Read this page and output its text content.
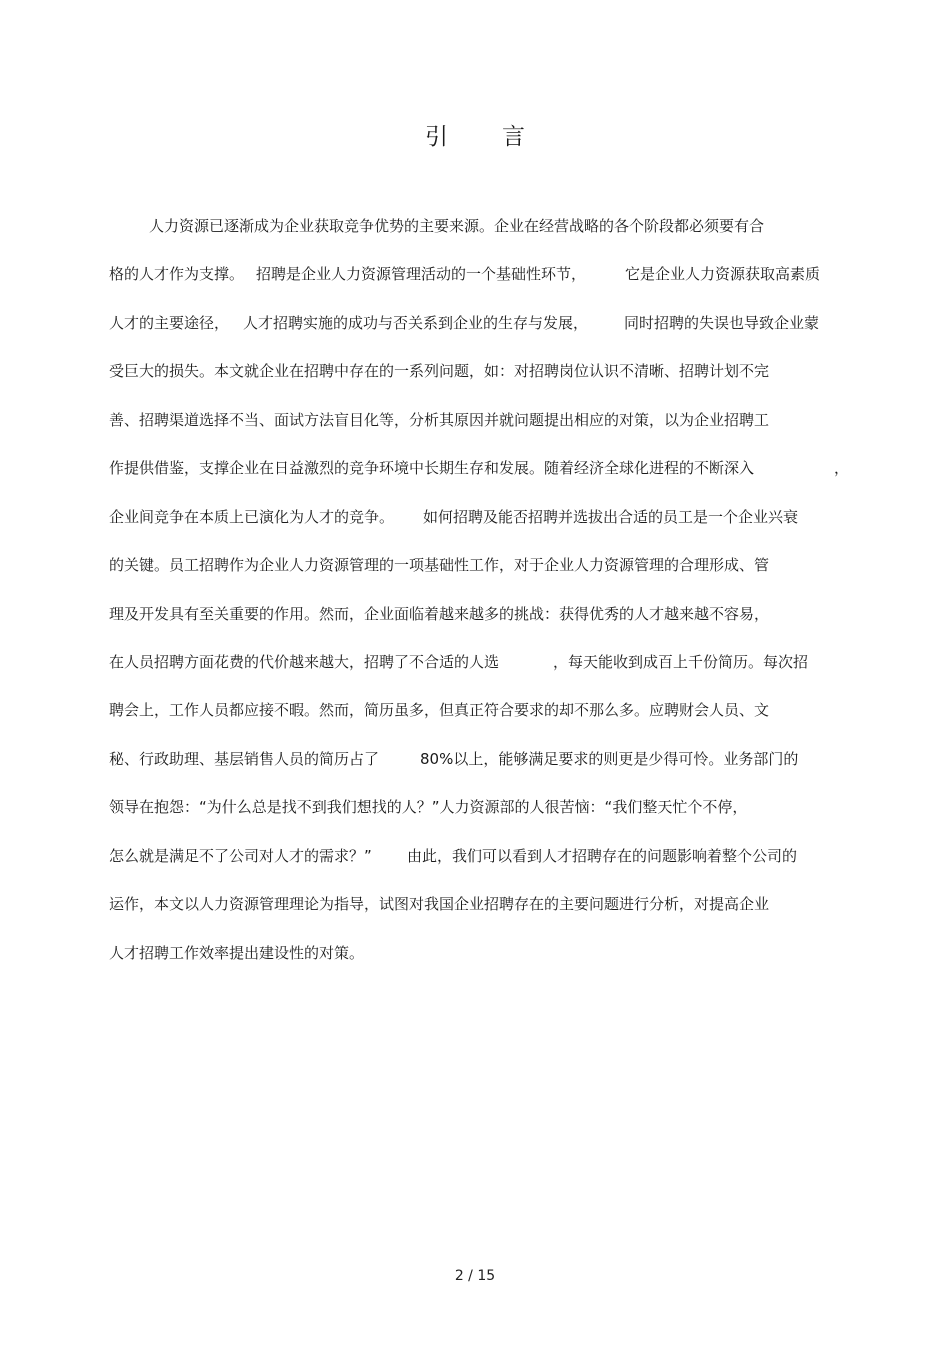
引 言
人力资源已逐渐成为企业获取竞争优势的主要来源。企业在经营战略的各个阶段都必须要有合
格的人才作为支撑。 招聘是企业人力资源管理活动的一个基础性环节，	它是企业人力资源获取高素质
人才的主要途径， 人才招聘实施的成功与否关系到企业的生存与发展， 同时招聘的失误也导致企业蒙
受巨大的损失。本文就企业在招聘中存在的一系列问题，如：对招聘岗位认识不清晰、招聘计划不完
善、招聘渠道选择不当、面试方法盲目化等，分析其原因并就问题提出相应的对策，以为企业招聘工
作提供借鉴，支撑企业在日益激烈的竞争环境中长期生存和发展。随着经济全球化进程的不断深入	，
企业间竞争在本质上已演化为人才的竞争。 如何招聘及能否招聘并选拔出合适的员工是一个企业兴衰
的关键。员工招聘作为企业人力资源管理的一项基础性工作，对于企业人力资源管理的合理形成、管
理及开发具有至关重要的作用。然而，企业面临着越来越多的挑战：获得优秀的人才越来越不容易，
在人员招聘方面花费的代价越来越大，招聘了不合适的人选	，每天能收到成百上千份简历。每次招
聘会上，工作人员都应接不暇。然而，简历虽多，但真正符合要求的却不那么多。应聘财会人员、文
秘、行政助理、基层销售人员的简历占了	80%以上，能够满足要求的则更是少得可怜。业务部门的
领导在抱怨：“为什么总是找不到我们想找的人？”人力资源部的人很苦恼：“我们整天忙个不停，
怎么就是满足不了公司对人才的需求？” 由此，我们可以看到人才招聘存在的问题影响着整个公司的
运作，本文以人力资源管理理论为指导，试图对我国企业招聘存在的主要问题进行分析，对提高企业
人才招聘工作效率提出建设性的对策。
2 / 15
